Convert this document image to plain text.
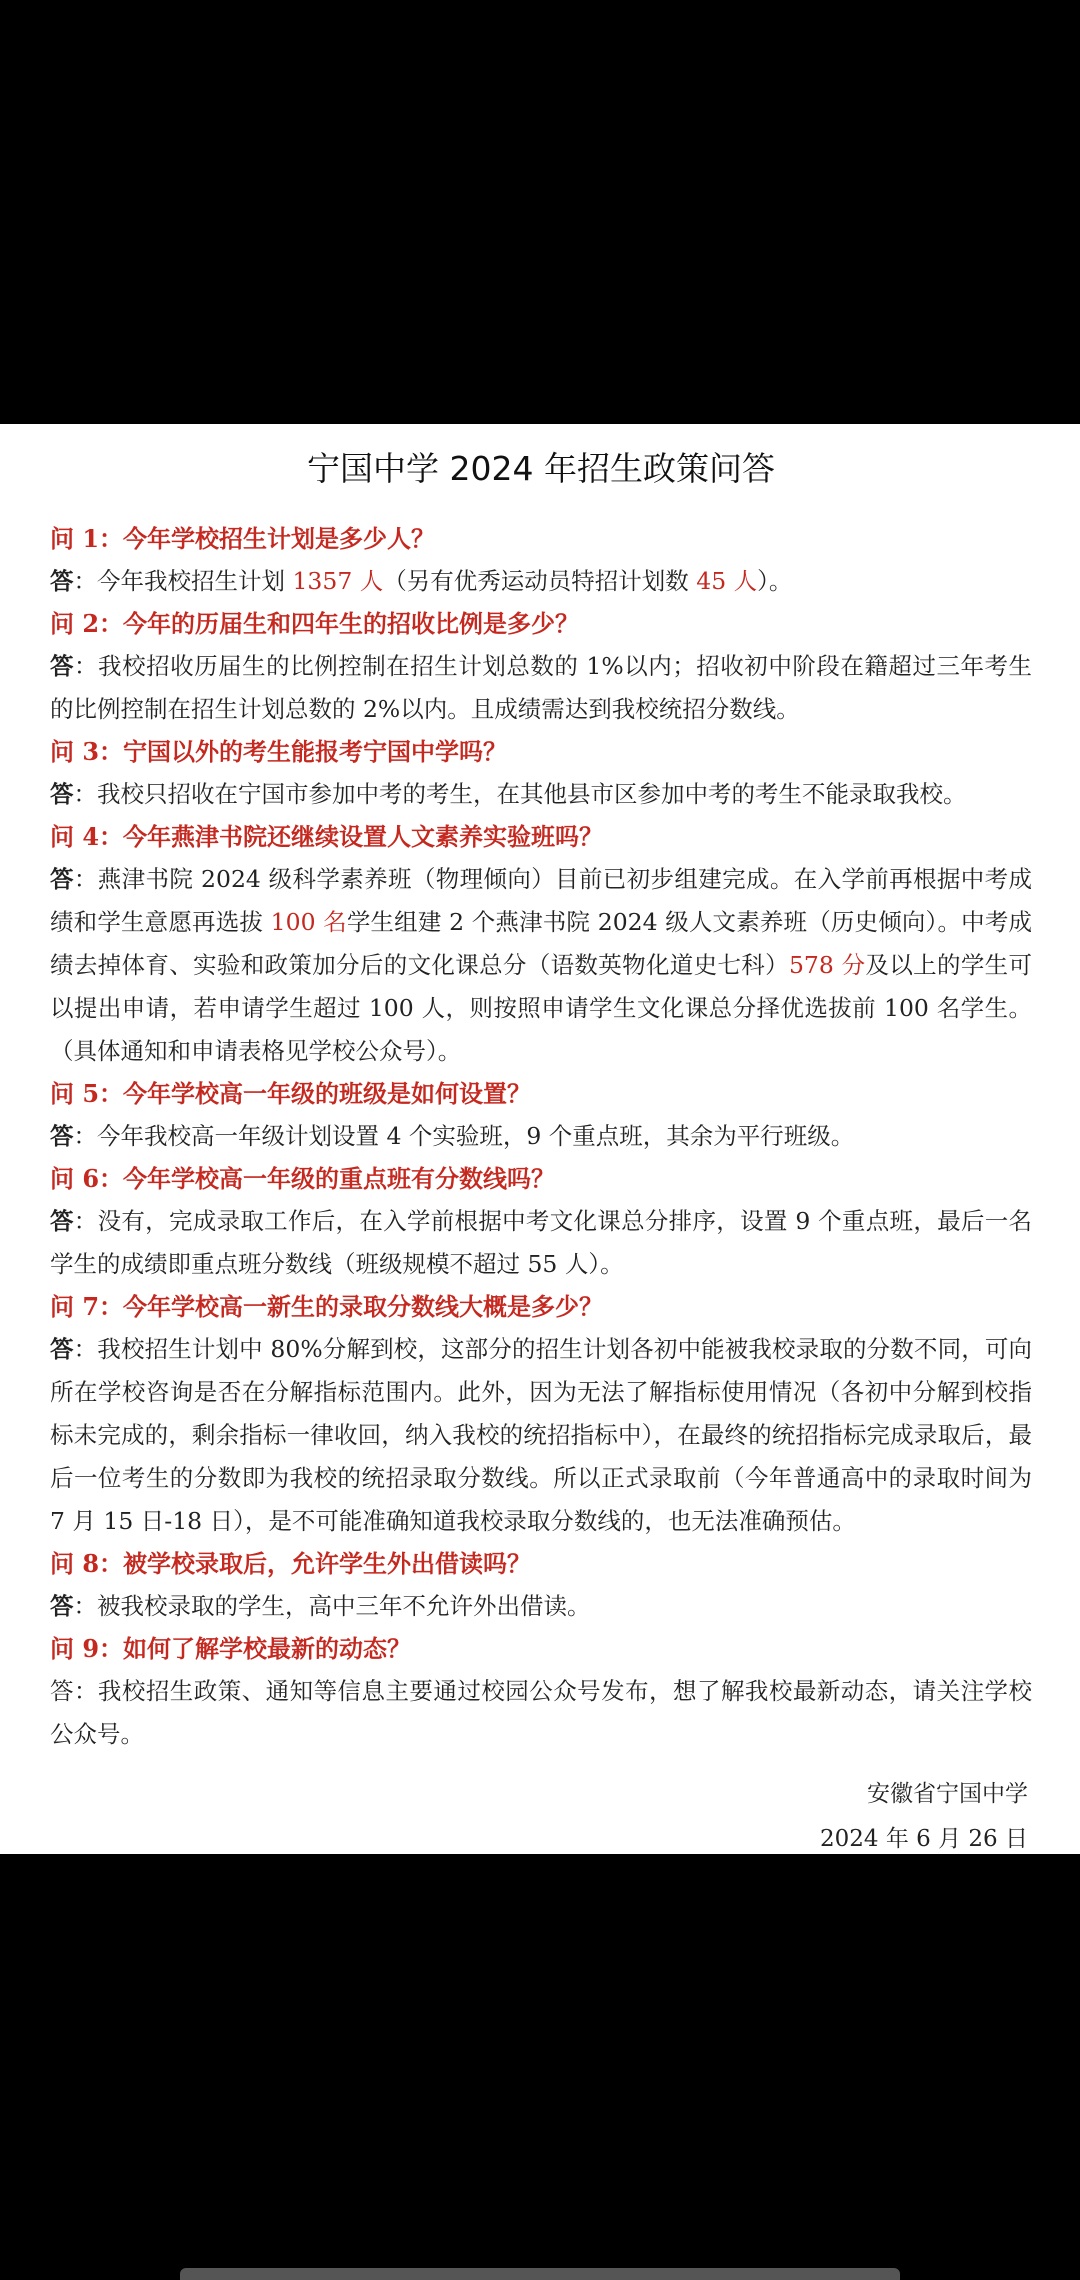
宁国中学 2024 年招生政策问答
问 1：今年学校招生计划是多少人？
答：今年我校招生计划 1357 人（另有优秀运动员特招计划数 45 人）。
问 2：今年的历届生和四年生的招收比例是多少？
答：我校招收历届生的比例控制在招生计划总数的 1%以内；招收初中阶段在籍超过三年考生的比例控制在招生计划总数的 2%以内。且成绩需达到我校统招分数线。
问 3：宁国以外的考生能报考宁国中学吗？
答：我校只招收在宁国市参加中考的考生，在其他县市区参加中考的考生不能录取我校。
问 4：今年燕津书院还继续设置人文素养实验班吗？
答：燕津书院 2024 级科学素养班（物理倾向）目前已初步组建完成。在入学前再根据中考成绩和学生意愿再选拔 100 名学生组建 2 个燕津书院 2024 级人文素养班（历史倾向）。中考成绩去掉体育、实验和政策加分后的文化课总分（语数英物化道史七科）578 分及以上的学生可以提出申请，若申请学生超过 100 人，则按照申请学生文化课总分择优选拔前 100 名学生。（具体通知和申请表格见学校公众号）。
问 5：今年学校高一年级的班级是如何设置？
答：今年我校高一年级计划设置 4 个实验班，9 个重点班，其余为平行班级。
问 6：今年学校高一年级的重点班有分数线吗？
答：没有，完成录取工作后，在入学前根据中考文化课总分排序，设置 9 个重点班，最后一名学生的成绩即重点班分数线（班级规模不超过 55 人）。
问 7：今年学校高一新生的录取分数线大概是多少？
答：我校招生计划中 80%分解到校，这部分的招生计划各初中能被我校录取的分数不同，可向所在学校咨询是否在分解指标范围内。此外，因为无法了解指标使用情况（各初中分解到校指标未完成的，剩余指标一律收回，纳入我校的统招指标中），在最终的统招指标完成录取后，最后一位考生的分数即为我校的统招录取分数线。所以正式录取前（今年普通高中的录取时间为 7 月 15 日-18 日），是不可能准确知道我校录取分数线的，也无法准确预估。
问 8：被学校录取后，允许学生外出借读吗？
答：被我校录取的学生，高中三年不允许外出借读。
问 9：如何了解学校最新的动态？
答：我校招生政策、通知等信息主要通过校园公众号发布，想了解我校最新动态，请关注学校公众号。
安徽省宁国中学
2024 年 6 月 26 日
